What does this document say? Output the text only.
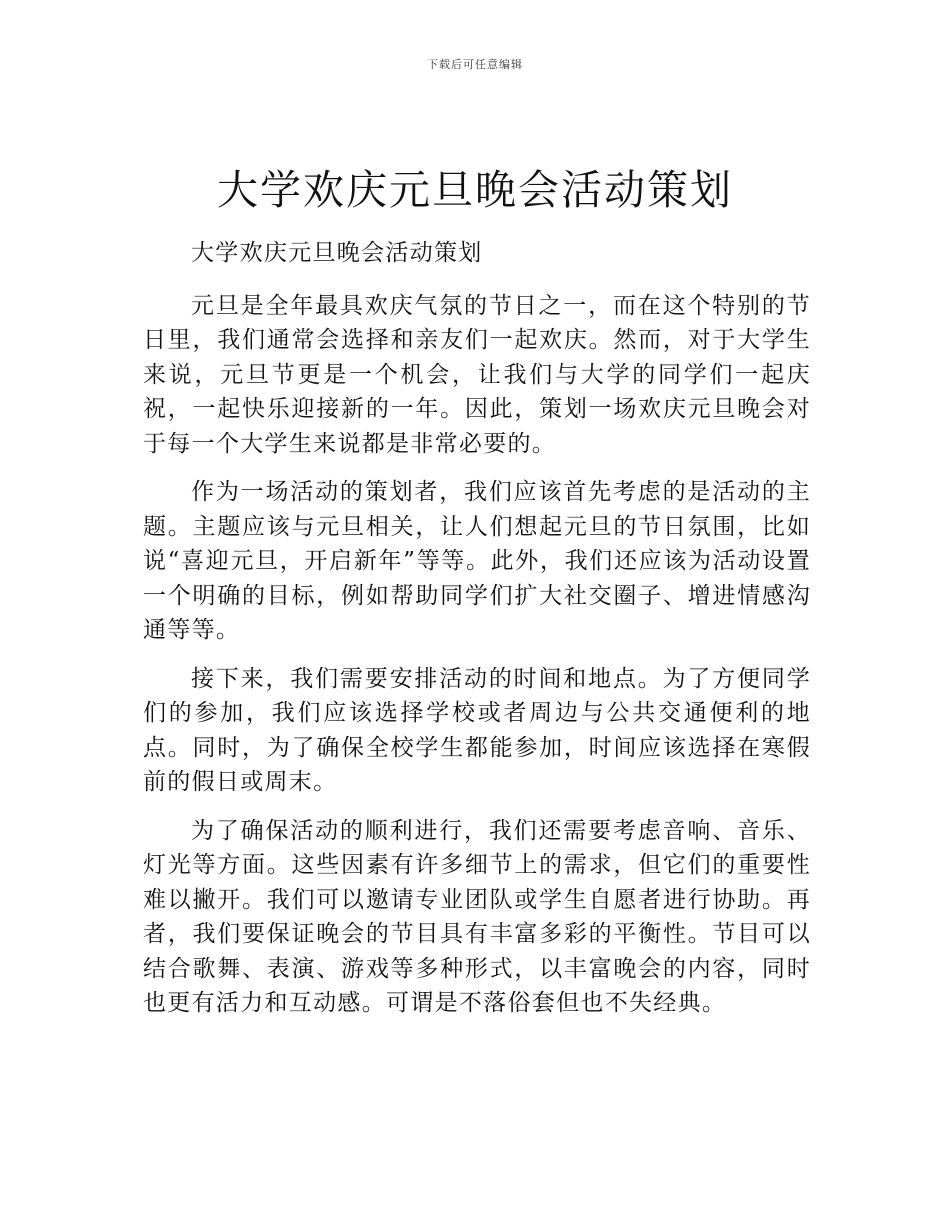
下载后可任意编辑
大学欢庆元旦晚会活动策划

大学欢庆元旦晚会活动策划

元旦是全年最具欢庆气氛的节日之一，而在这个特别的节日里，我们通常会选择和亲友们一起欢庆。然而，对于大学生来说，元旦节更是一个机会，让我们与大学的同学们一起庆祝，一起快乐迎接新的一年。因此，策划一场欢庆元旦晚会对于每一个大学生来说都是非常必要的。

作为一场活动的策划者，我们应该首先考虑的是活动的主题。主题应该与元旦相关，让人们想起元旦的节日氛围，比如说“喜迎元旦，开启新年”等等。此外，我们还应该为活动设置一个明确的目标，例如帮助同学们扩大社交圈子、增进情感沟通等等。

接下来，我们需要安排活动的时间和地点。为了方便同学们的参加，我们应该选择学校或者周边与公共交通便利的地点。同时，为了确保全校学生都能参加，时间应该选择在寒假前的假日或周末。

为了确保活动的顺利进行，我们还需要考虑音响、音乐、灯光等方面。这些因素有许多细节上的需求，但它们的重要性难以撇开。我们可以邀请专业团队或学生自愿者进行协助。再者，我们要保证晚会的节目具有丰富多彩的平衡性。节目可以结合歌舞、表演、游戏等多种形式，以丰富晚会的内容，同时也更有活力和互动感。可谓是不落俗套但也不失经典。
